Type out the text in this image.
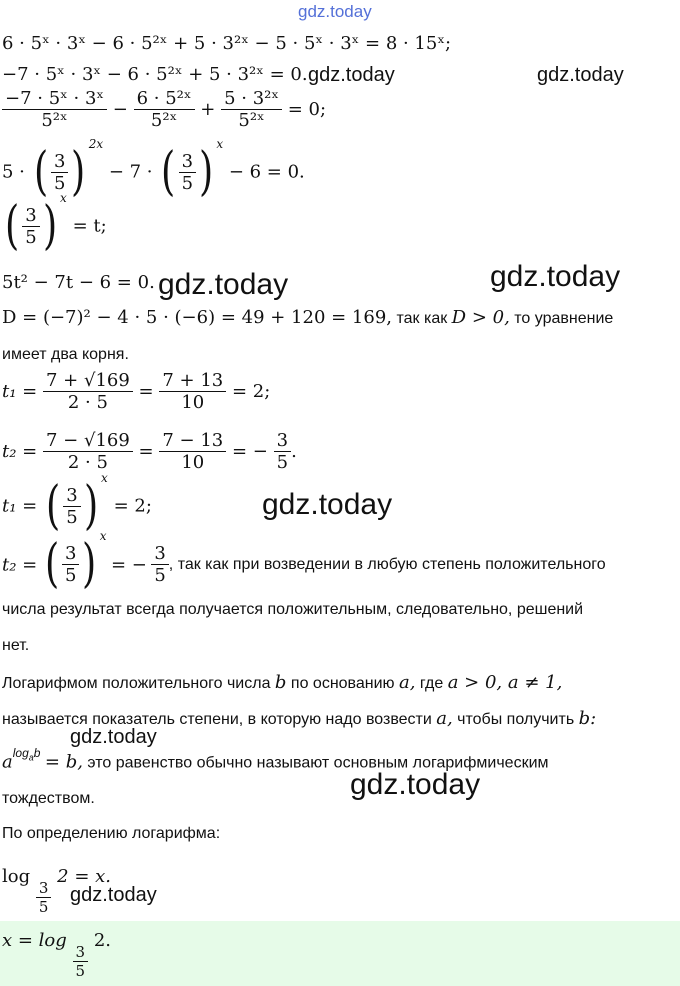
gdz.today
gdz.today	gdz.today
gdz.today	gdz.today
gdz.today
gdz.today
gdz.today
gdz.today
6 · 5ˣ · 3ˣ − 6 · 5²ˣ + 5 · 3²ˣ − 5 · 5ˣ · 3ˣ = 8 · 15ˣ;
−7 · 5ˣ · 3ˣ − 6 · 5²ˣ + 5 · 3²ˣ = 0.
$\frac{\text{−7 · 5ˣ · 3ˣ}}{\text{5²ˣ}} - \frac{\text{6 · 5²ˣ}}{\text{5²ˣ}} + \frac{\text{5 · 3²ˣ}}{\text{5²ˣ}} = 0$;
5 · ( $\frac{3}{5}$ ) $^{2x}$ − 7 · ( $\frac{3}{5}$ ) $^x$ − 6 = 0.
( $\frac{3}{5}$ ) $^x$ = t;
5t² − 7t − 6 = 0.
D = (−7)² − 4 · 5 · (−6) = 49 + 120 = 169, так как D > 0, то уравнение
имеет два корня.
$t_1 = \frac{7 + √169}{2 \cdot 5} = \frac{7 + 13}{10} = 2$;
$t_2 = \frac{7 - √169}{2 \cdot 5} = \frac{7 - 13}{10}$ = − $\frac{3}{5}$ .
t₁ = ( $\frac{3}{5}$ ) $^x$ = 2;
t₂ = ( $\frac{3}{5}$ ) $^x$ = − $\frac{3}{5}$ , так как при возведении в любую степень положительного
числа результат всегда получается положительным, следовательно, решений
нет.
Логарифмом положительного числа b по основанию a, где a > 0, a ≠ 1,
называется показатель степени, в которую надо возвести a, чтобы получить b:
$a^{log_ab} = b$, это равенство обычно называют основным логарифмическим
тождеством.
По определению логарифма:
log
$\frac{3}{5}$
2 = x.
x = log
$\frac{3}{5}$
2.
